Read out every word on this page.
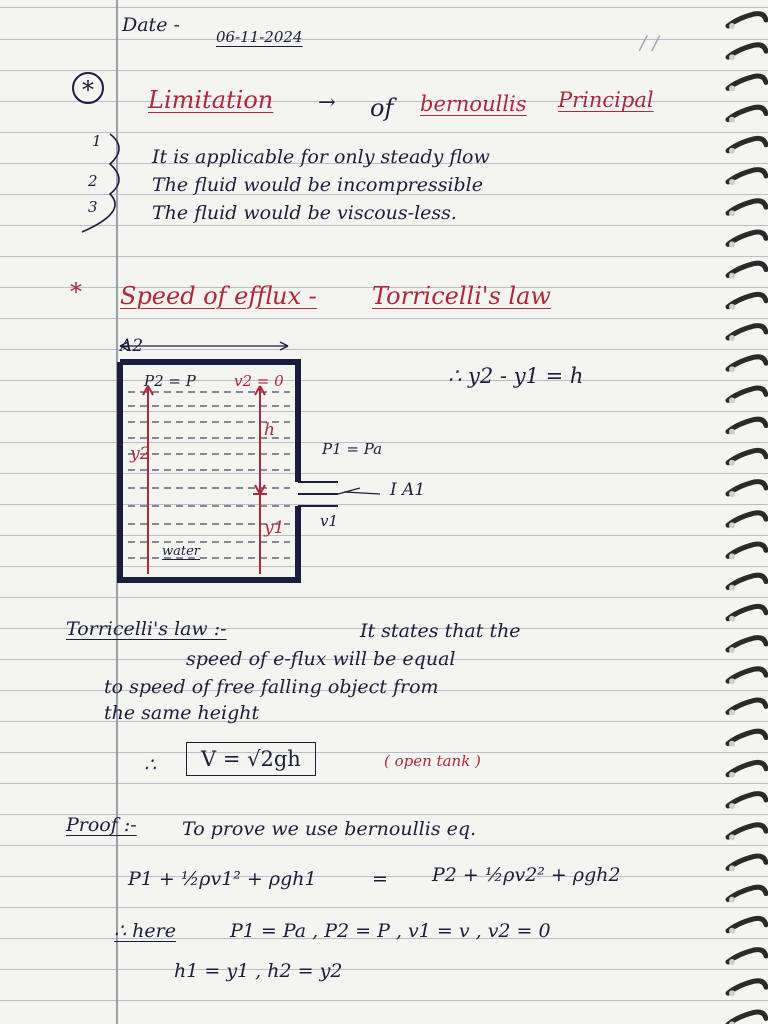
Date -
06-11-2024	/ /
*	Limitation → of bernoullis Principal
1
It is applicable for only steady flow
2	The fluid would be incompressible
3	The fluid would be viscous-less.
* Speed of efflux - Torricelli's law
A2
P2 = P	v2 = 0
h
y2
y1
P1 = Pa
I A1
v1
water
∴ y2 - y1 = h
Torricelli's law :-	It states that the
speed of e-flux will be equal
to speed of free falling object from
the same height
∴	V = √2gh	( open tank )
Proof :- To prove we use bernoullis eq.
P1 + ½ρv1² + ρgh1	= P2 + ½ρv2² + ρgh2
∴ here	P1 = Pa , P2 = P , v1 = v , v2 = 0
h1 = y1 , h2 = y2
